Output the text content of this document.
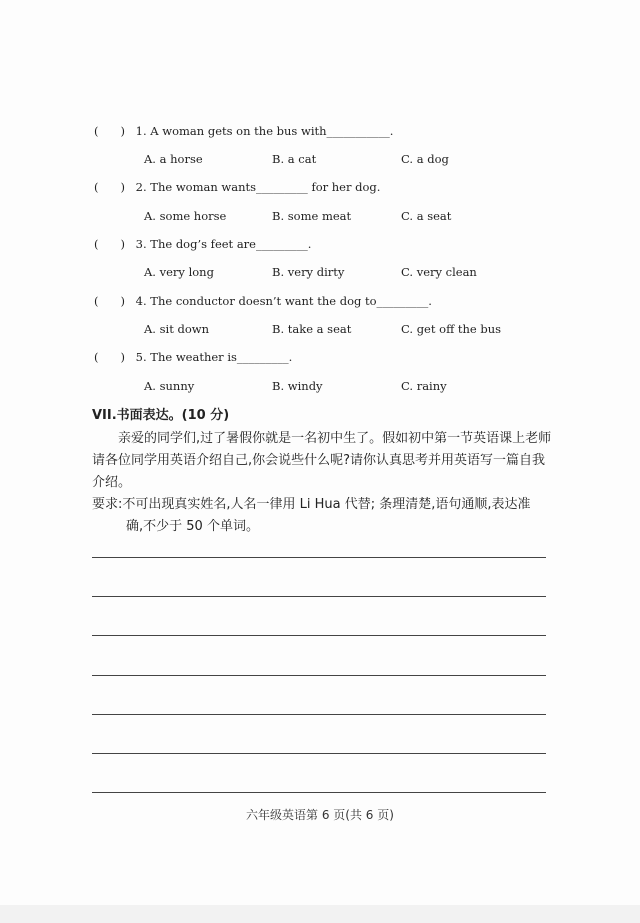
( ) 1. A woman gets on the bus with___________.
A. a horse	B. a cat	C. a dog
( ) 2. The woman wants_________ for her dog.
A. some horse	B. some meat	C. a seat
( ) 3. The dog’s feet are_________.
A. very long	B. very dirty	C. very clean
( ) 4. The conductor doesn’t want the dog to_________.
A. sit down	B. take a seat	C. get off the bus
( ) 5. The weather is_________.
A. sunny	B. windy	C. rainy
VII.书面表达。(10 分)
亲爱的同学们,过了暑假你就是一名初中生了。假如初中第一节英语课上老师请各位同学用英语介绍自己,你会说些什么呢?请你认真思考并用英语写一篇自我介绍。
要求:不可出现真实姓名,人名一律用 Li Hua 代替; 条理清楚,语句通顺,表达准
确,不少于 50 个单词。
六年级英语第 6 页(共 6 页)
